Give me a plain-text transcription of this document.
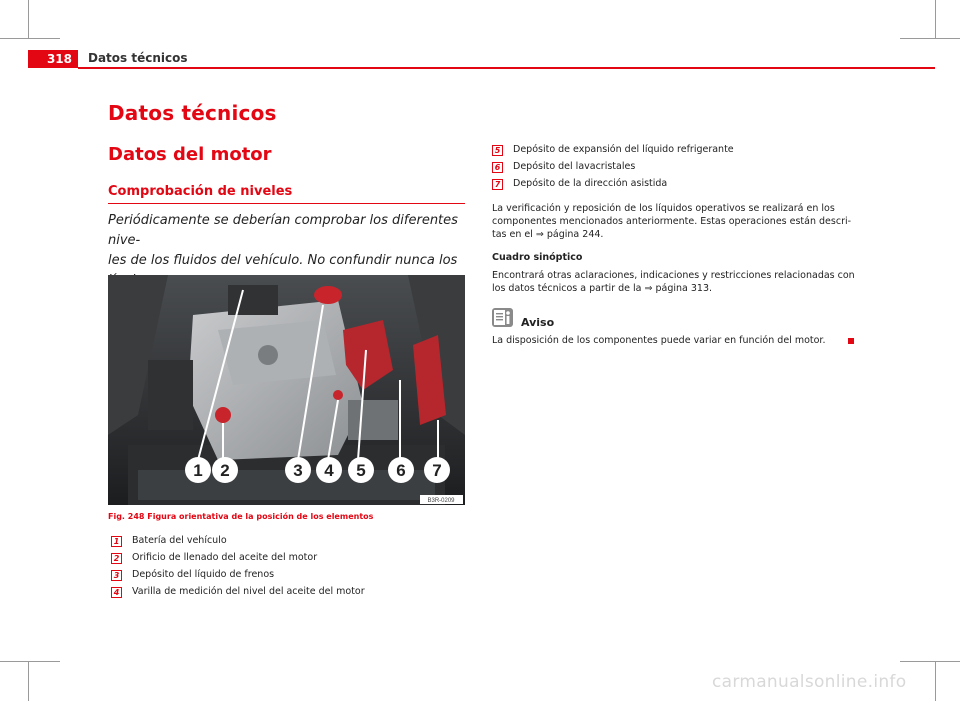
318	Datos técnicos
Datos técnicos
Datos del motor
Comprobación de niveles
Periódicamente se deberían comprobar los diferentes nive-
les de los fluidos del vehículo. No confundir nunca los
1 2	3 4 5 6 7
B3R-0209
Fig. 248 Figura orientativa de la posición de los elementos
1 Batería del vehículo
2 Orificio de llenado del aceite del motor
3 Depósito del líquido de frenos
4 Varilla de medición del nivel del aceite del motor
5 Depósito de expansión del líquido refrigerante
6 Depósito del lavacristales
7 Depósito de la dirección asistida
La verificación y reposición de los líquidos operativos se realizará en los
componentes mencionados anteriormente. Estas operaciones están descri-
tas en el ⇒ página 244.
Cuadro sinóptico
Encontrará otras aclaraciones, indicaciones y restricciones relacionadas con
los datos técnicos a partir de la ⇒ página 313.
Aviso
La disposición de los componentes puede variar en función del motor.
carmanualsonline.info
